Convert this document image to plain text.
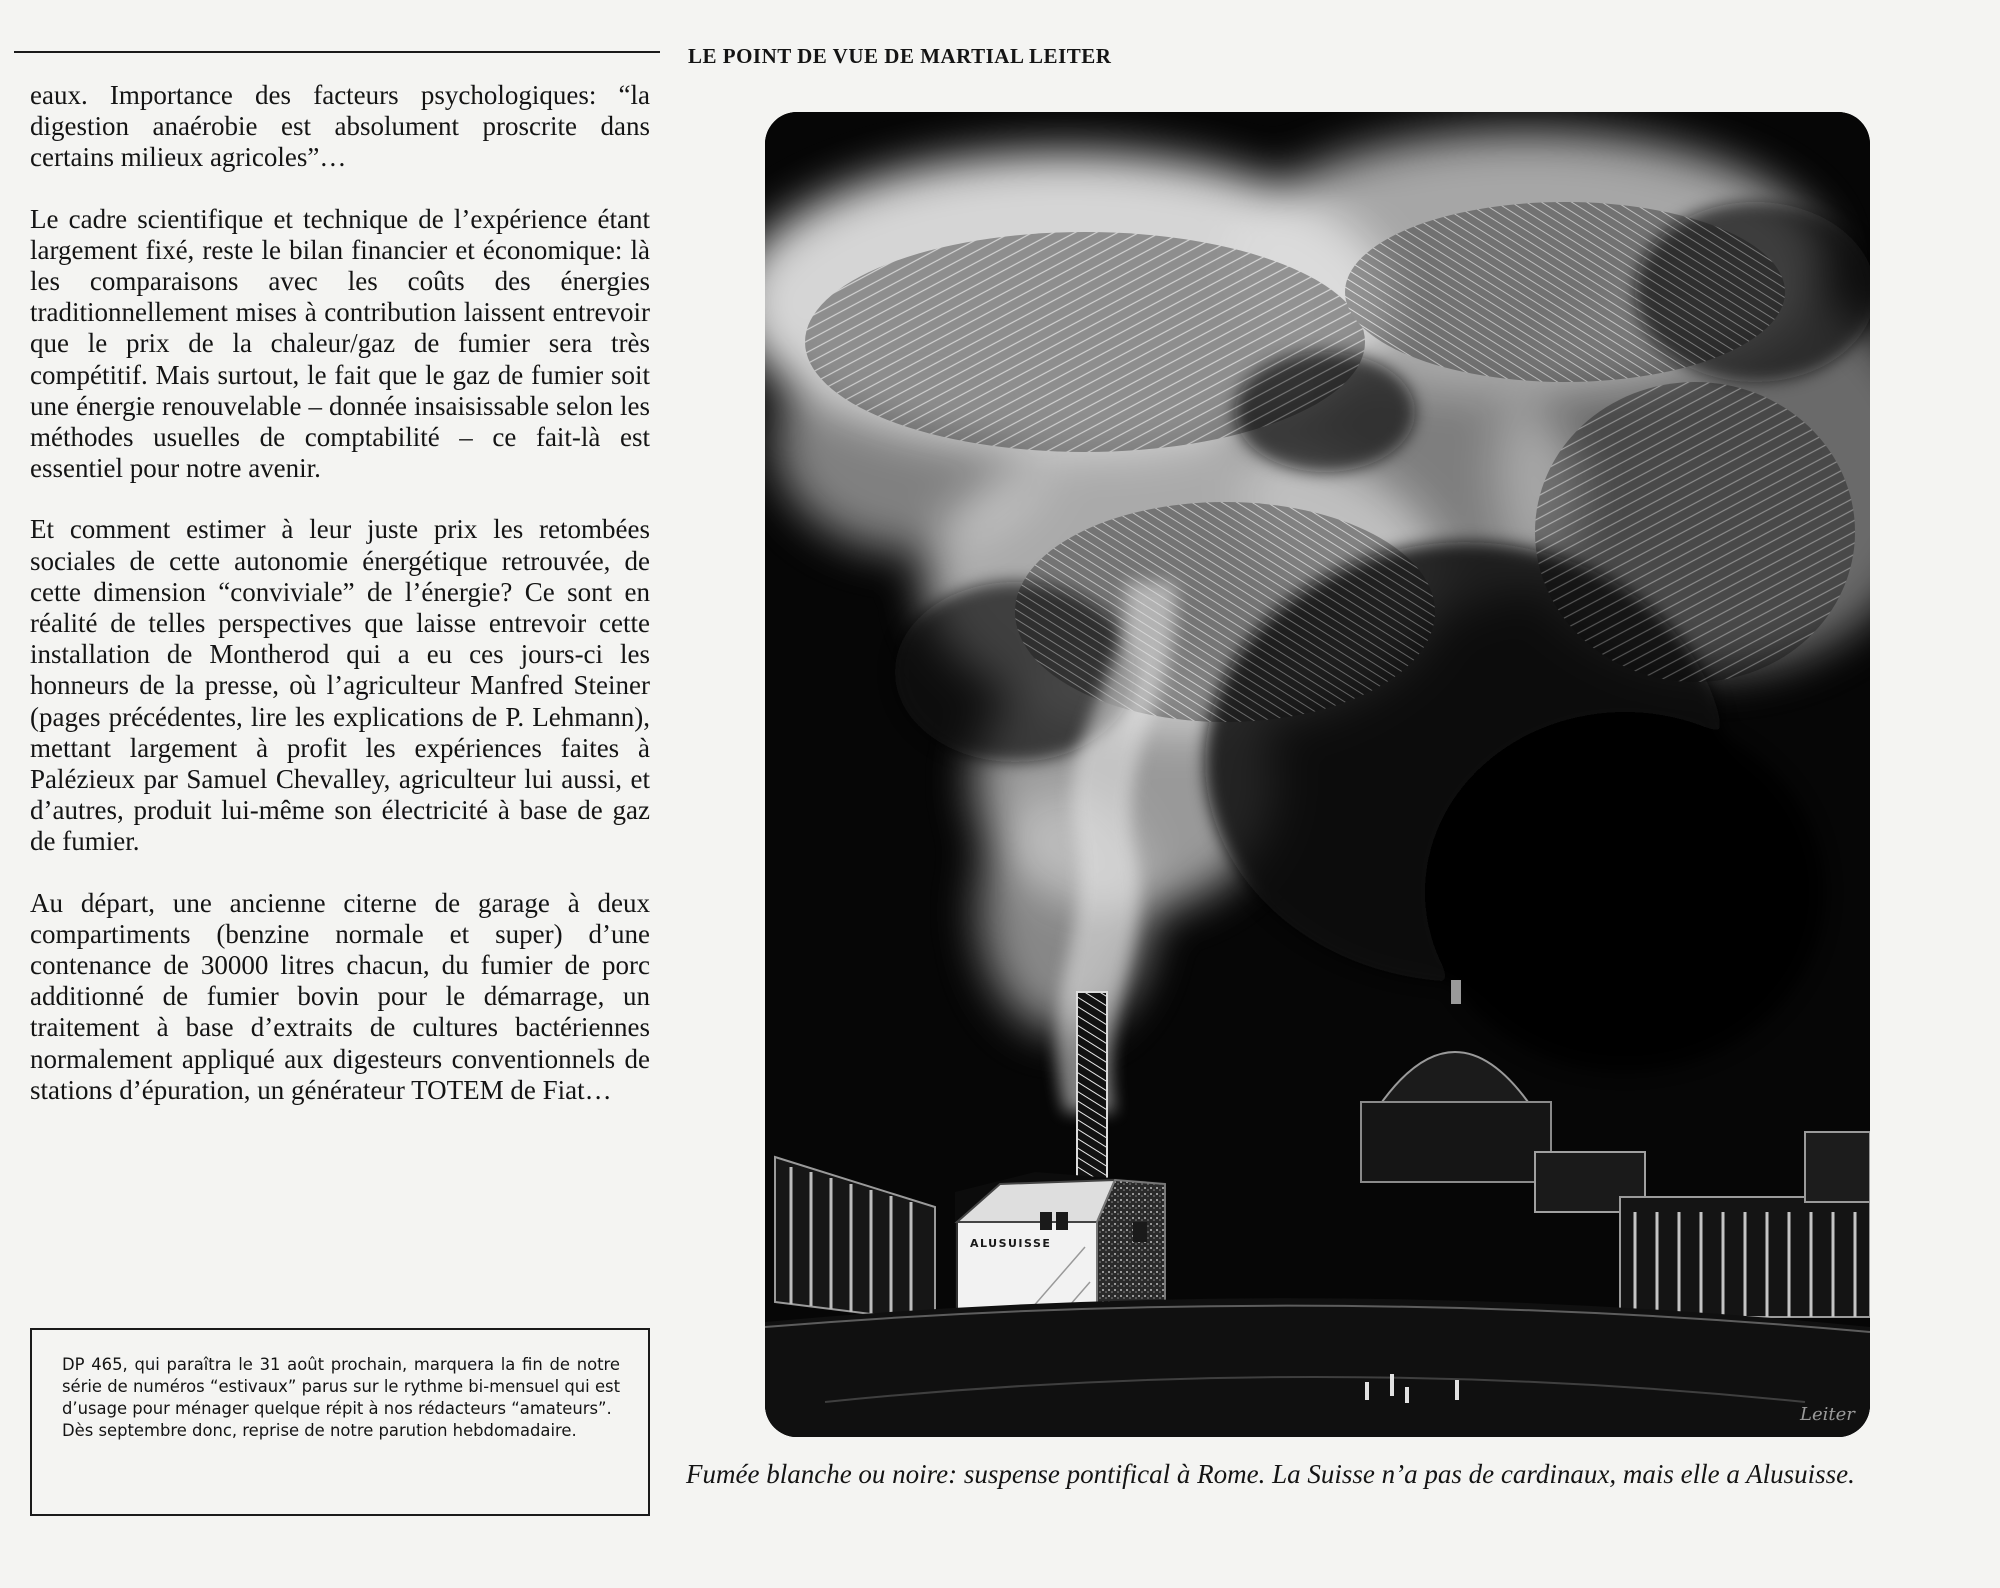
LE POINT DE VUE DE MARTIAL LEITER

eaux. Importance des facteurs psychologiques: “la digestion anaérobie est absolument proscrite dans certains milieux agricoles”…

Le cadre scientifique et technique de l’expérience étant largement fixé, reste le bilan financier et économique: là les comparaisons avec les coûts des énergies traditionnellement mises à contribution laissent entrevoir que le prix de la chaleur/gaz de fumier sera très compétitif. Mais surtout, le fait que le gaz de fumier soit une énergie renouvelable – donnée insaisissable selon les méthodes usuelles de comptabilité – ce fait-là est essentiel pour notre avenir.

Et comment estimer à leur juste prix les retombées sociales de cette autonomie énergétique retrouvée, de cette dimension “conviviale” de l’énergie? Ce sont en réalité de telles perspectives que laisse entrevoir cette installation de Montherod qui a eu ces jours-ci les honneurs de la presse, où l’agriculteur Manfred Steiner (pages précédentes, lire les explications de P. Lehmann), mettant largement à profit les expériences faites à Palézieux par Samuel Chevalley, agriculteur lui aussi, et d’autres, produit lui-même son électricité à base de gaz de fumier.

Au départ, une ancienne citerne de garage à deux compartiments (benzine normale et super) d’une contenance de 30000 litres chacun, du fumier de porc additionné de fumier bovin pour le démarrage, un traitement à base d’extraits de cultures bactériennes normalement appliqué aux digesteurs conventionnels de stations d’épuration, un générateur TOTEM de Fiat…

DP 465, qui paraîtra le 31 août prochain, marquera la fin de notre série de numéros “estivaux” parus sur le rythme bi-mensuel qui est d’usage pour ménager quelque répit à nos rédacteurs “amateurs”.

Dès septembre donc, reprise de notre parution hebdomadaire.

ALUSUISSE
Leiter
Fumée blanche ou noire: suspense pontifical à Rome. La Suisse n’a pas de cardinaux, mais elle a Alusuisse.
